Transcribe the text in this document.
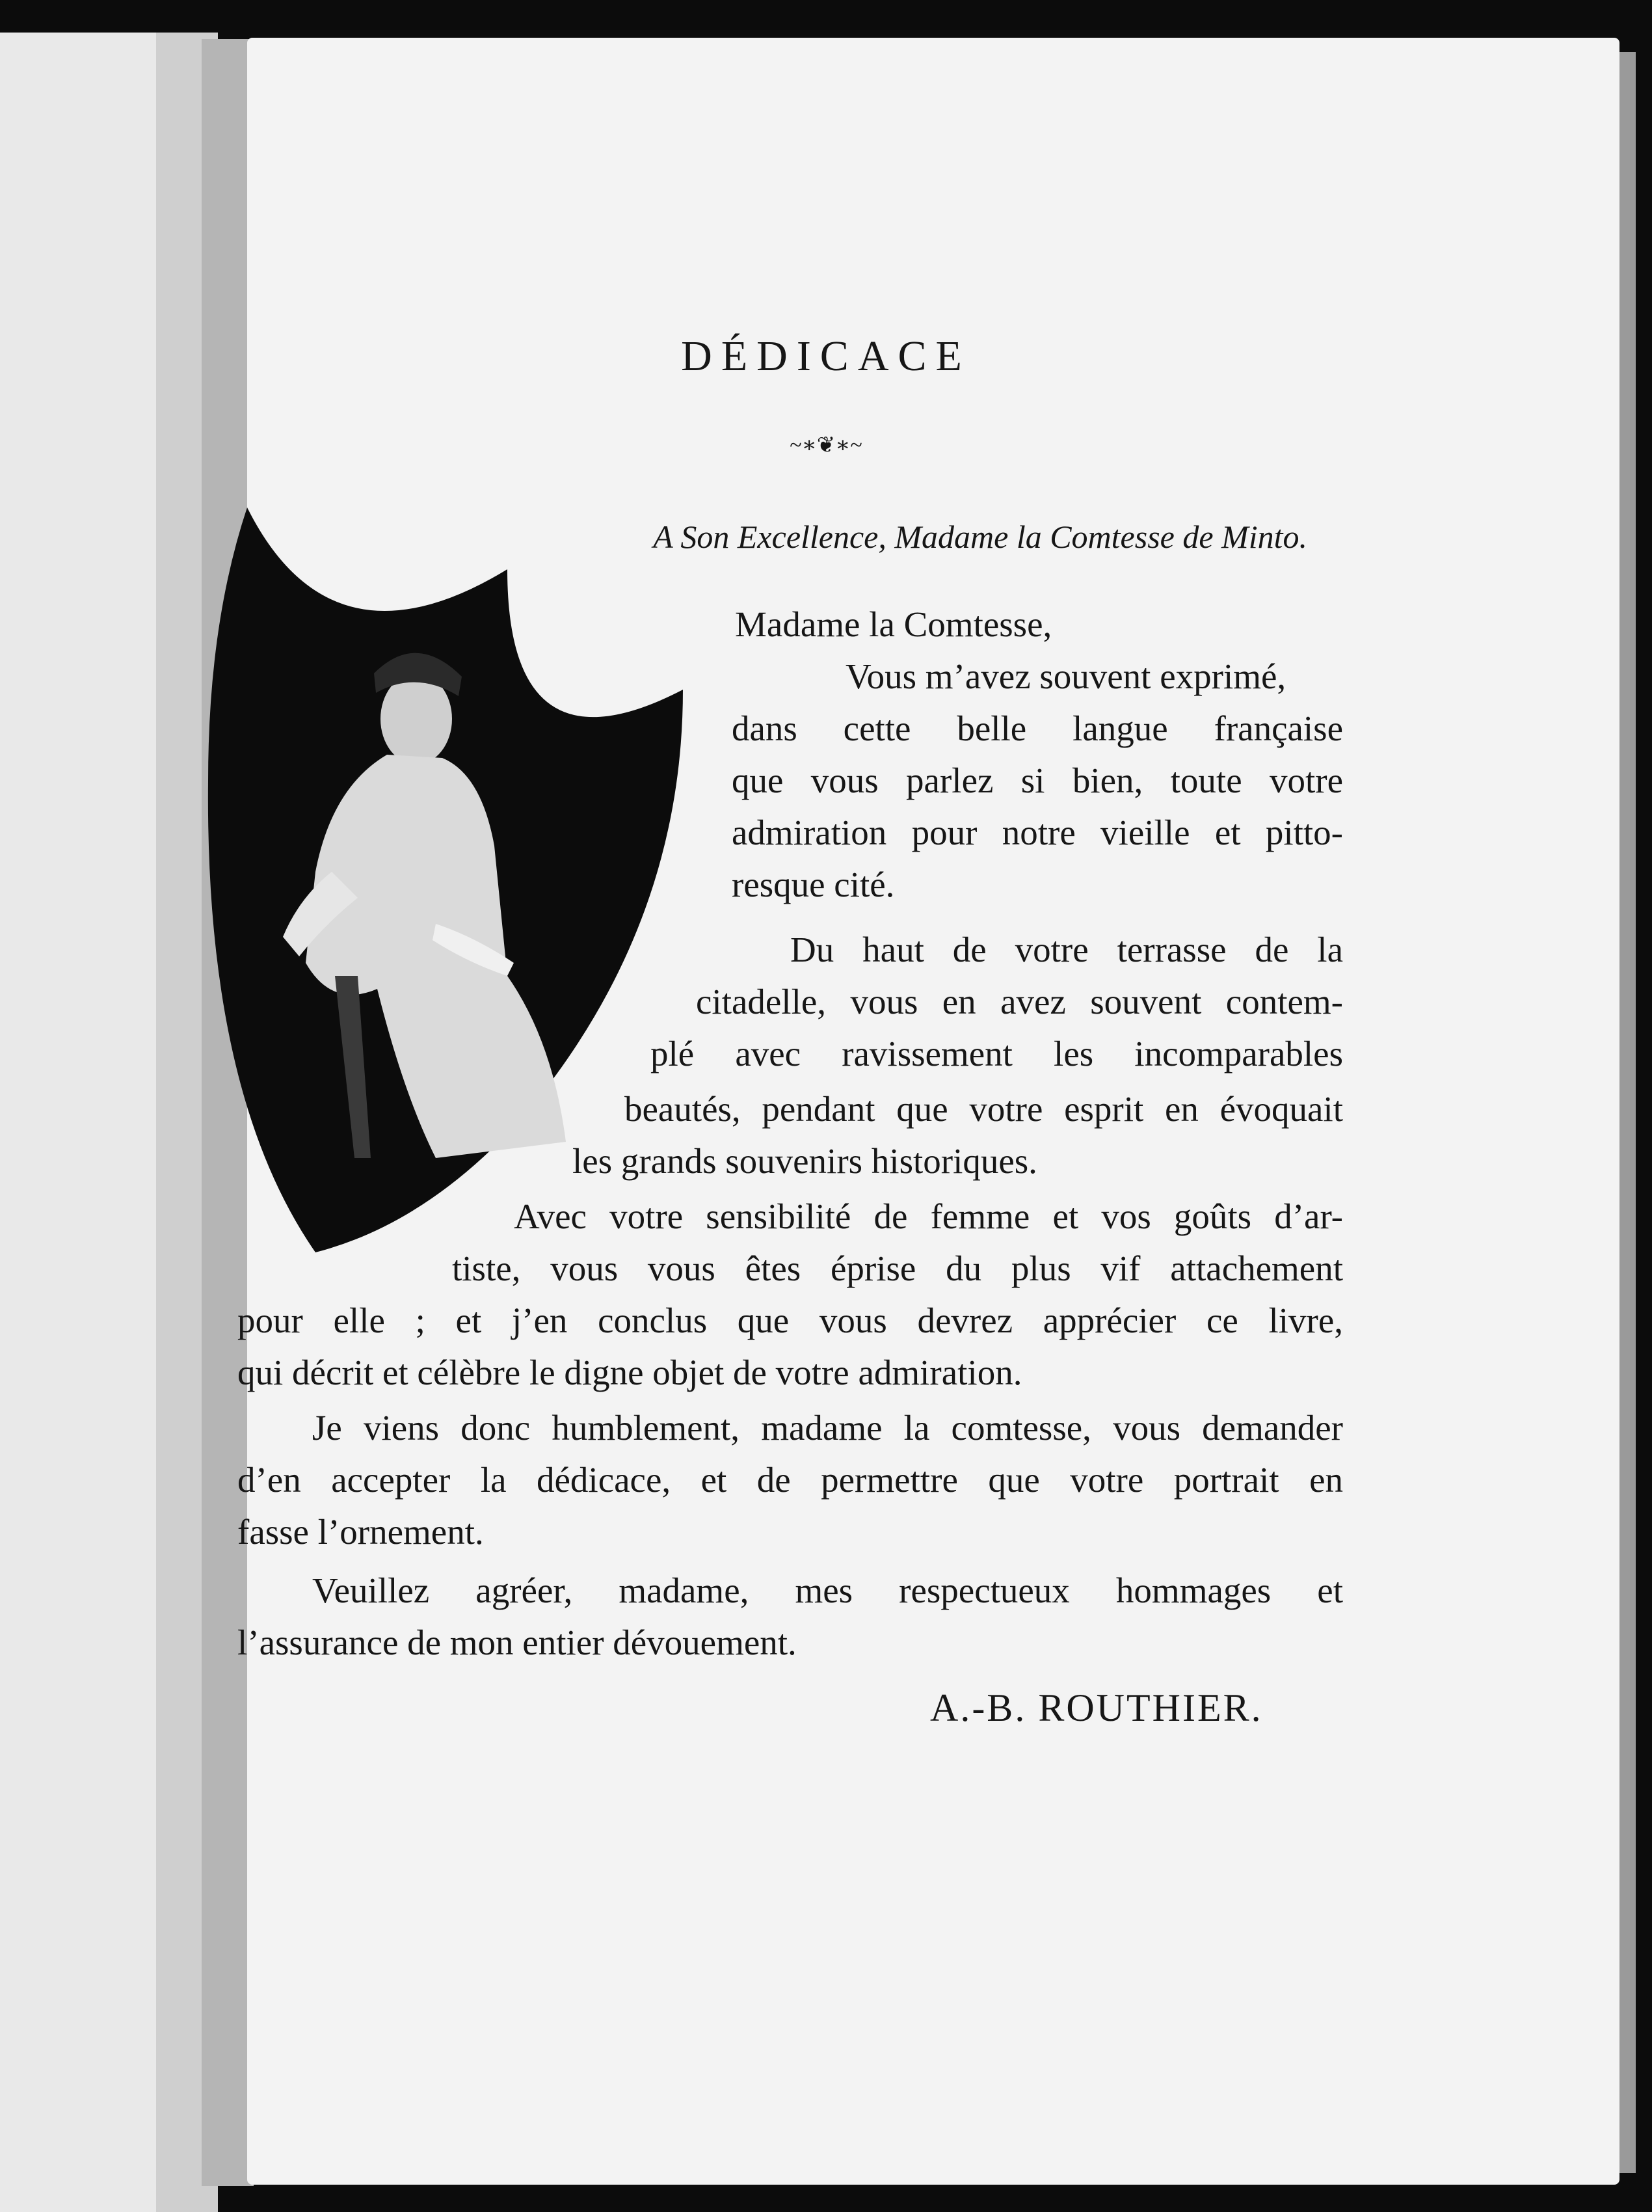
DÉDICACE
~∗❦∗~
A Son Excellence, Madame la Comtesse de Minto.
Madame la Comtesse,
Vous m’avez souvent exprimé,
dans cette belle langue française
que vous parlez si bien, toute votre
admiration pour notre vieille et pitto-
resque cité.
Du haut de votre terrasse de la
citadelle, vous en avez souvent contem-
plé avec ravissement les incomparables
beautés, pendant que votre esprit en évoquait
les grands souvenirs historiques.
Avec votre sensibilité de femme et vos goûts d’ar-
tiste, vous vous êtes éprise du plus vif attachement
pour elle ; et j’en conclus que vous devrez apprécier ce livre,
qui décrit et célèbre le digne objet de votre admiration.
Je viens donc humblement, madame la comtesse, vous demander
d’en accepter la dédicace, et de permettre que votre portrait en
fasse l’ornement.
Veuillez agréer, madame, mes respectueux hommages et
l’assurance de mon entier dévouement.
A.-B. ROUTHIER.
